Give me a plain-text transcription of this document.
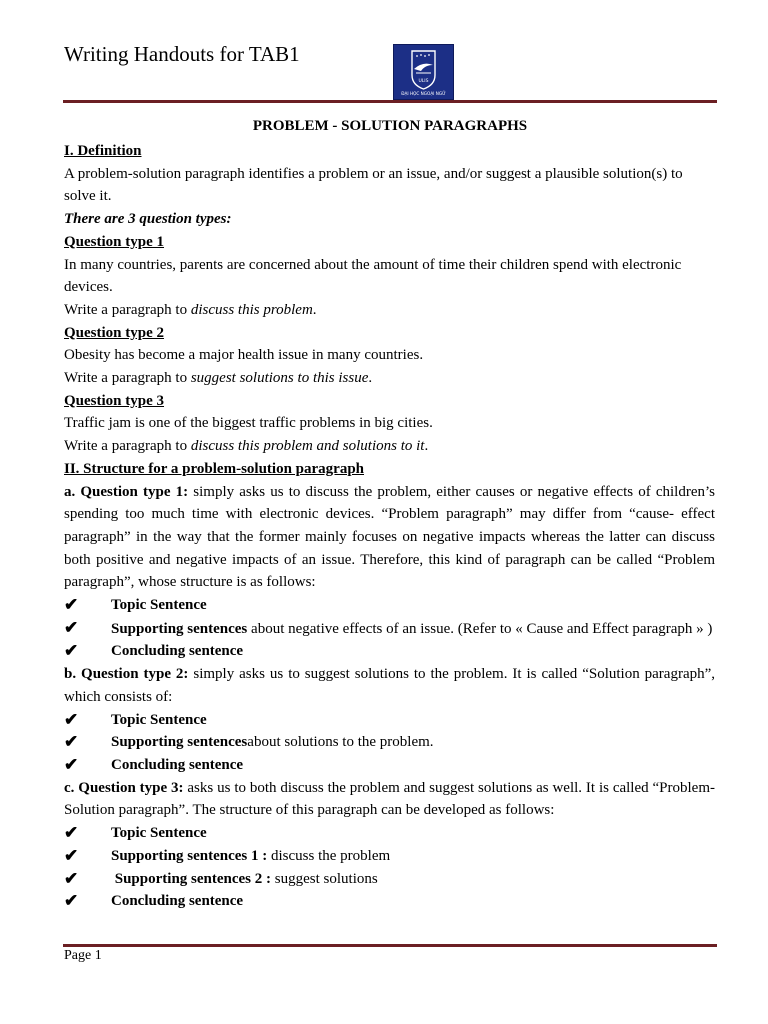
Writing Handouts for TAB1
ULIS
ĐẠI HỌC NGOẠI NGỮ
PROBLEM - SOLUTION PARAGRAPHS

I. Definition

A problem-solution paragraph identifies a problem or an issue, and/or suggest a plausible solution(s) to solve it.

There are 3 question types:

Question type 1

In many countries, parents are concerned about the amount of time their children spend with electronic devices.

Write a paragraph to discuss this problem.

Question type 2

Obesity has become a major health issue in many countries.

Write a paragraph to suggest solutions to this issue.

Question type 3

Traffic jam is one of the biggest traffic problems in big cities.

Write a paragraph to discuss this problem and solutions to it.

II. Structure for a problem-solution paragraph

a. Question type 1: simply asks us to discuss the problem, either causes or negative effects of children’s spending too much time with electronic devices. “Problem paragraph” may differ from “cause- effect paragraph” in the way that the former mainly focuses on negative impacts whereas the latter can discuss both positive and negative impacts of an issue. Therefore, this kind of paragraph can be called “Problem paragraph”, whose structure is as follows:

✔	Topic Sentence

✔ Supporting sentences about negative effects of an issue. (Refer to « Cause and Effect paragraph » )

✔	Concluding sentence

b. Question type 2: simply asks us to suggest solutions to the problem. It is called “Solution paragraph”, which consists of:

✔	Topic Sentence
✔	Supporting sentences about solutions to the problem.
✔	Concluding sentence

c. Question type 3: asks us to both discuss the problem and suggest solutions as well. It is called “Problem- Solution paragraph”. The structure of this paragraph can be developed as follows:

✔	Topic Sentence
✔	Supporting sentences 1 : discuss the problem
✔	Supporting sentences 2 : suggest solutions
✔	Concluding sentence
Page 1
